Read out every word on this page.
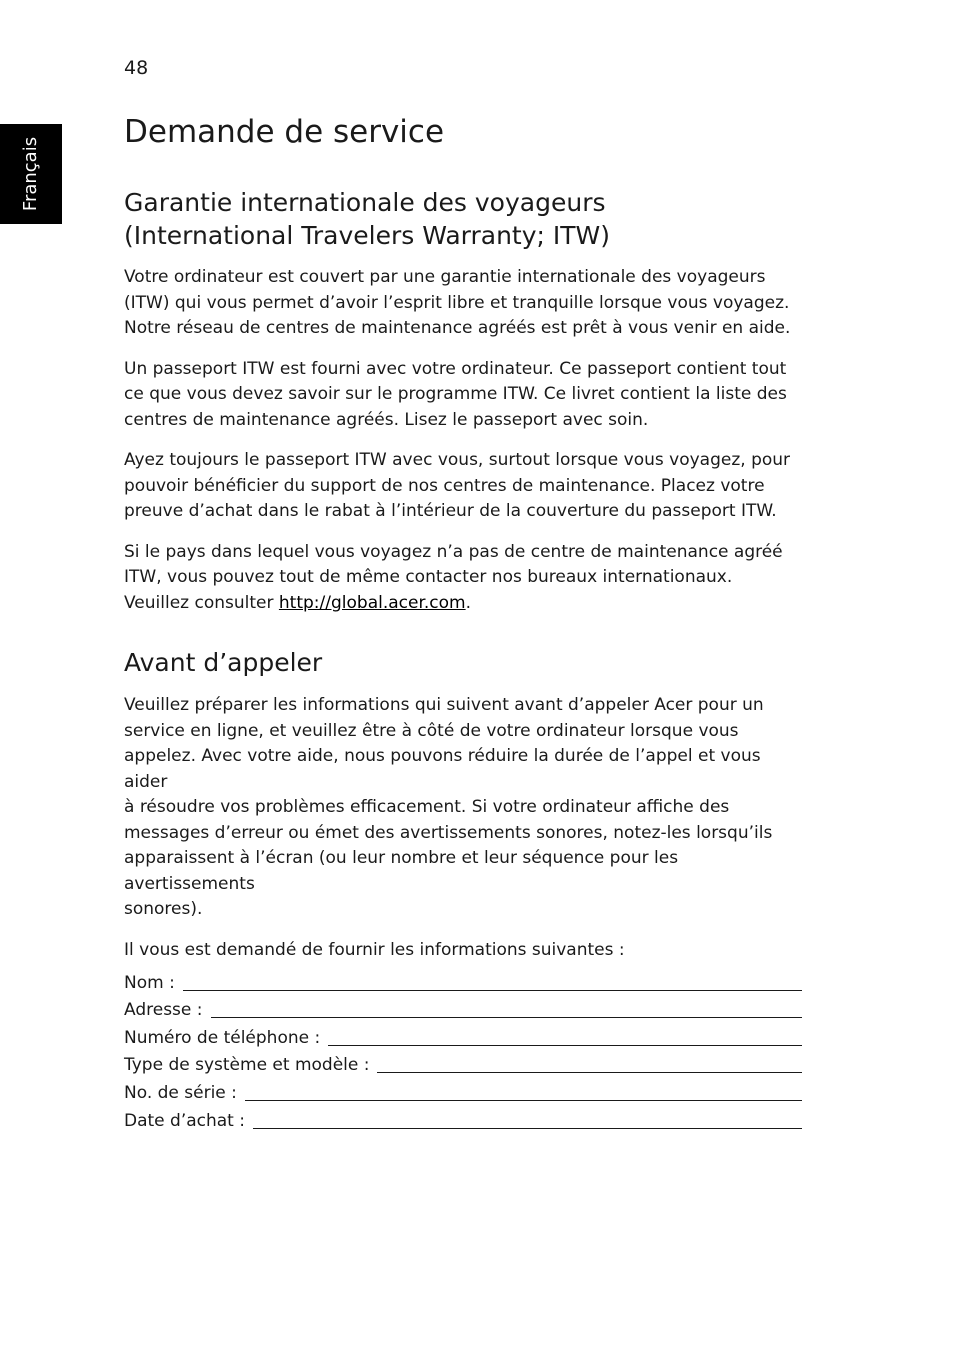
48
Français
Demande de service
Garantie internationale des voyageurs
(International Travelers Warranty; ITW)

Votre ordinateur est couvert par une garantie internationale des voyageurs
(ITW) qui vous permet d’avoir l’esprit libre et tranquille lorsque vous voyagez.
Notre réseau de centres de maintenance agréés est prêt à vous venir en aide.

Un passeport ITW est fourni avec votre ordinateur. Ce passeport contient tout
ce que vous devez savoir sur le programme ITW. Ce livret contient la liste des
centres de maintenance agréés. Lisez le passeport avec soin.

Ayez toujours le passeport ITW avec vous, surtout lorsque vous voyagez, pour
pouvoir bénéficier du support de nos centres de maintenance. Placez votre
preuve d’achat dans le rabat à l’intérieur de la couverture du passeport ITW.

Si le pays dans lequel vous voyagez n’a pas de centre de maintenance agréé
ITW, vous pouvez tout de même contacter nos bureaux internationaux.
Veuillez consulter http://global.acer.com.

Avant d’appeler

Veuillez préparer les informations qui suivent avant d’appeler Acer pour un
service en ligne, et veuillez être à côté de votre ordinateur lorsque vous
appelez. Avec votre aide, nous pouvons réduire la durée de l’appel et vous aider
à résoudre vos problèmes efficacement. Si votre ordinateur affiche des
messages d’erreur ou émet des avertissements sonores, notez-les lorsqu’ils
apparaissent à l’écran (ou leur nombre et leur séquence pour les avertissements
sonores).

Il vous est demandé de fournir les informations suivantes :

Nom :
Adresse :
Numéro de téléphone :
Type de système et modèle :
No. de série :
Date d’achat :
